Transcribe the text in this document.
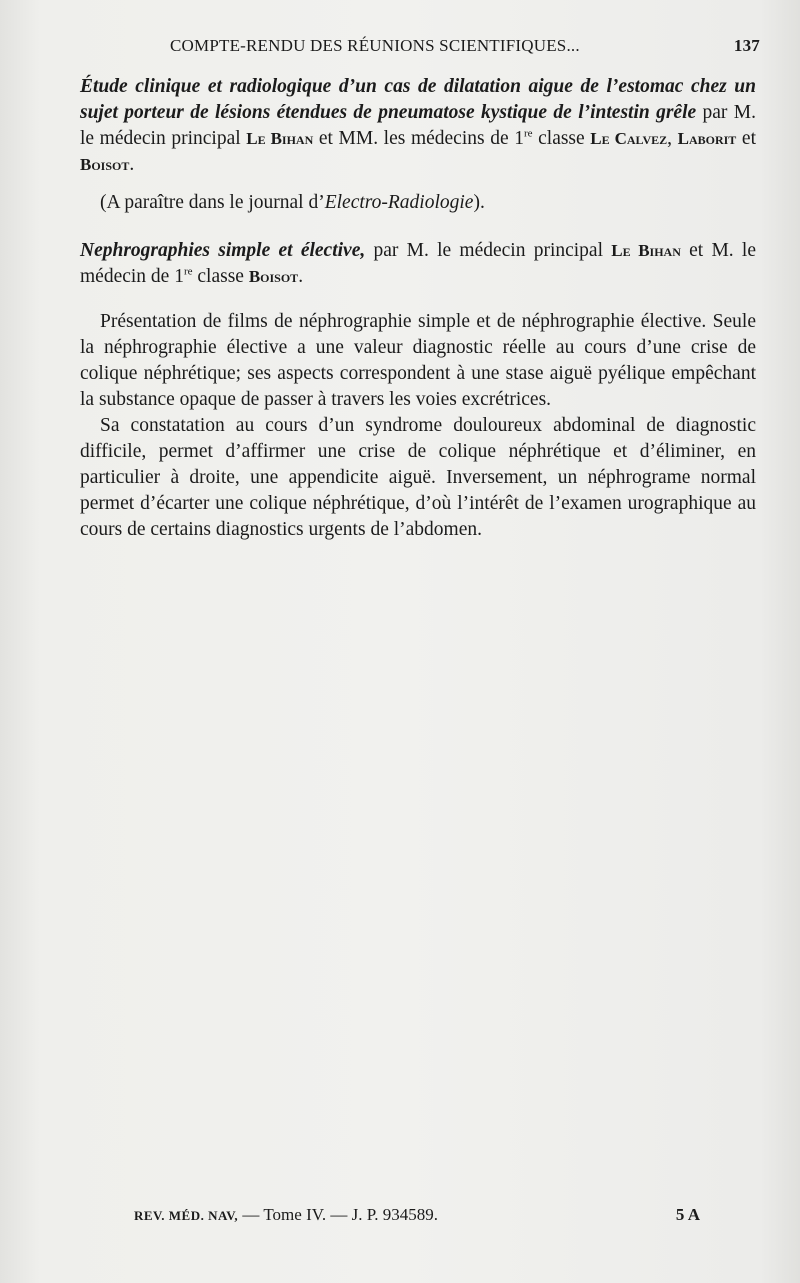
COMPTE-RENDU DES RÉUNIONS SCIENTIFIQUES...	137

Étude clinique et radiologique d’un cas de dilatation aigue de l’estomac chez un sujet porteur de lésions étendues de pneumatose kystique de l’intestin grêle par M. le médecin principal Le Bihan et MM. les médecins de 1re classe Le Calvez, Laborit et Boisot.

(A paraître dans le journal d’Electro-Radiologie).

Nephrographies simple et élective, par M. le médecin principal Le Bihan et M. le médecin de 1re classe Boisot.

Présentation de films de néphrographie simple et de néphrographie élective. Seule la néphrographie élective a une valeur diagnostic réelle au cours d’une crise de colique néphrétique; ses aspects correspondent à une stase aiguë pyélique empêchant la substance opaque de passer à travers les voies excrétrices.

Sa constatation au cours d’un syndrome douloureux abdominal de diagnostic difficile, permet d’affirmer une crise de colique néphrétique et d’éliminer, en particulier à droite, une appendicite aiguë. Inversement, un néphrograme normal permet d’écarter une colique néphrétique, d’où l’intérêt de l’examen urographique au cours de certains diagnostics urgents de l’abdomen.

REV. MÉD. NAV, — Tome IV. — J. P. 934589.	5 A
